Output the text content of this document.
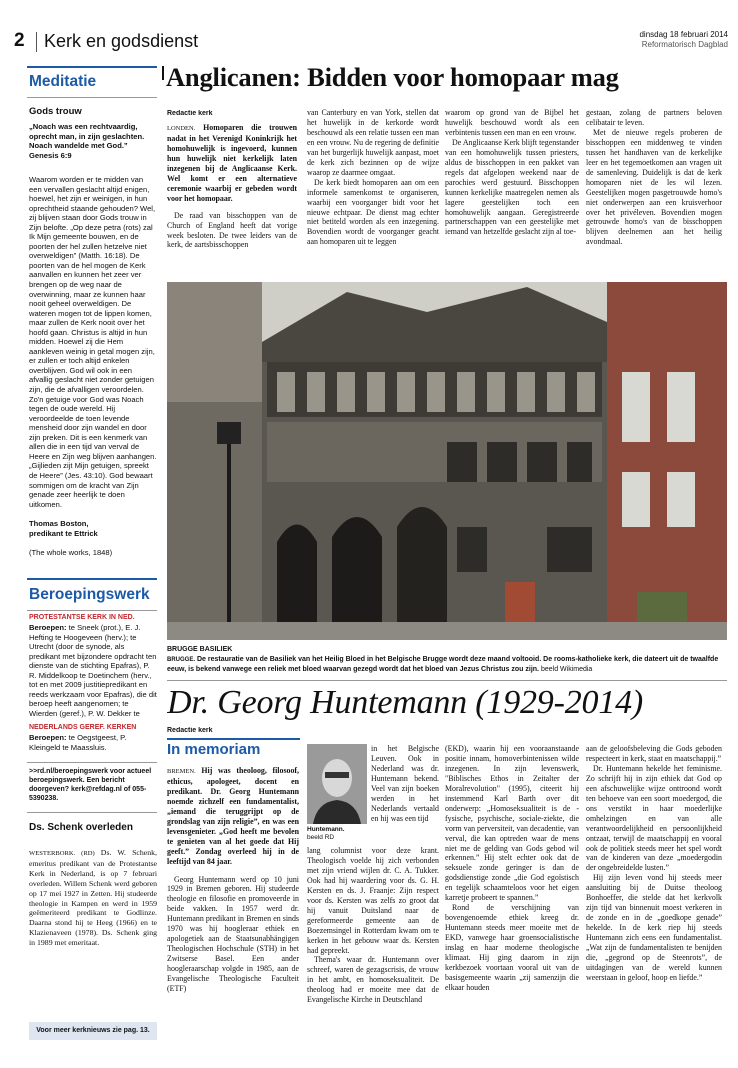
2 Kerk en godsdienst	dinsdag 18 februari 2014
Reformatorisch Dagblad
Meditatie
Gods trouw
„Noach was een rechtvaardig, oprecht man, in zijn geslachten. Noach wandelde met God.”
Genesis 6:9
Waarom worden er te midden van een vervallen geslacht altijd enigen, hoewel, het zijn er weinigen, in hun oprechtheid staande gehouden? Wel, zij blijven staan door Gods trouw in Zijn belofte. „Op deze petra (rots) zal Ik Mijn gemeente bouwen, en de poorten der hel zullen hetzelve niet overweldigen” (Matth. 16:18). De poorten van de hel mogen de Kerk aanvallen en kunnen het zeer ver brengen op de weg naar de overwinning, maar ze kunnen haar nooit geheel overweldigen. De wateren mogen tot de lippen komen, maar zullen de Kerk nooit over het hoofd gaan. Christus is altijd in hun midden. Hoewel zij die Hem aankleven weinig in getal mogen zijn, er zullen er toch altijd enkelen overblijven. God wil ook in een afvallig geslacht niet zonder getuigen zijn, die de afvalligen veroordelen. Zo'n getuige voor God was Noach tegen de oude wereld. Hij veroordeelde de toen levende mensheid door zijn wandel en door zijn preken. Dit is een kenmerk van allen die in een tijd van verval de Heere en Zijn weg blijven aanhangen. „Gijlieden zijt Mijn getuigen, spreekt de Heere” (Jes. 43:10). God bewaart sommigen om de kracht van Zijn genade zeer heerlijk te doen uitkomen.
Thomas Boston,
predikant te Ettrick
(The whole works, 1848)
Beroepingswerk
PROTESTANTSE KERK IN NED.
Beroepen: te Sneek (prot.), E. J. Hefting te Hoogeveen (herv.); te Utrecht (door de synode, als predikant met bijzondere opdracht ten dienste van de stichting Epafras), P. R. Middelkoop te Doetinchem (herv., tot en met 2009 justitiepredikant en reeds werkzaam voor Epafras), die dit beroep heeft aangenomen; te Wierden (geref.), P. W. Dekker te
NEDERLANDS GEREF. KERKEN
Beroepen: te Oegstgeest, P. Kleingeld te Maassluis.
>>rd.nl/beroepingswerk voor actueel beroepingswerk. Een bericht doorgeven? kerk@refdag.nl of 055-5390238.
Ds. Schenk overleden
WESTERBORK. (RD) Ds. W. Schenk, emeritus predikant van de Protestantse Kerk in Nederland, is op 7 februari overleden. Willem Schenk werd geboren op 17 mei 1927 in Zetten. Hij studeerde theologie in Kampen en werd in 1959 geëmeriteerd predikant te Godlinze. Daarna stond hij te Heeg (1966) en te Klazienaveen (1978). Ds. Schenk ging in 1989 met emeritaat.
Voor meer kerknieuws zie pag. 13.
Anglicanen: Bidden voor homopaar mag
Redactie kerk

LONDEN. Homoparen die trouwen nadat in het Verenigd Koninkrijk het homohuwelijk is ingevoerd, kunnen hun huwelijk niet kerkelijk laten inzegenen bij de Anglicaanse Kerk. Wel komt er een alternatieve ceremonie waarbij er gebeden wordt voor het homopaar.

De raad van bisschoppen van de Church of England heeft dat vorige week besloten. De twee leiders van de kerk, de aartsbisschoppen

van Canterbury en van York, stellen dat het huwelijk in de kerkorde wordt beschouwd als een relatie tussen een man en een vrouw. Nu de regering de definitie van het burgerlijk huwelijk aanpast, moet de kerk zich bezinnen op de wijze waarop ze daarmee omgaat.

De kerk biedt homoparen aan om een informele samenkomst te organiseren, waarbij een voorganger bidt voor het nieuwe echtpaar. De dienst mag echter niet betiteld worden als een inzegening. Bovendien wordt de voorganger geacht aan homoparen uit te leggen

waarom op grond van de Bijbel het huwelijk beschouwd wordt als een verbintenis tussen een man en een vrouw.

De Anglicaanse Kerk blijft tegenstander van een homohuwelijk tussen priesters, aldus de bisschoppen in een pakket van regels dat afgelopen weekend naar de parochies werd gestuurd. Bisschoppen kunnen kerkelijke maatregelen nemen als lagere geestelijken toch een homohuwelijk aangaan. Geregistreerde partnerschappen van een geestelijke met iemand van hetzelfde geslacht zijn al toe-

gestaan, zolang de partners beloven celibatair te leven.

Met de nieuwe regels proberen de bisschoppen een middenweg te vinden tussen het handhaven van de kerkelijke leer en het tegemoetkomen aan vragen uit de samenleving. Duidelijk is dat de kerk homoparen niet de les wil lezen. Geestelijken mogen pasgetrouwde homo's niet onderwerpen aan een kruisverhoor over het privéleven. Bovendien mogen getrouwde homo's van de bisschoppen blijven deelnemen aan het heilig avondmaal.

BRUGGE BASILIEK
BRUGGE. De restauratie van de Basiliek van het Heilig Bloed in het Belgische Brugge wordt deze maand voltooid. De rooms-katholieke kerk, die dateert uit de twaalfde eeuw, is bekend vanwege een reliek met bloed waarvan gezegd wordt dat het bloed van Jezus Christus zou zijn. beeld Wikimedia
Dr. Georg Huntemann (1929-2014)
Redactie kerk
In memoriam

BREMEN. Hij was theoloog, filosoof, ethicus, apologeet, docent en predikant. Dr. Georg Huntemann noemde zichzelf een fundamentalist, „iemand die teruggrijpt op de grondslag van zijn religie”, en was een levensgenieter. „God heeft me bevolen te genieten van al het goede dat Hij geeft.” Zondag overleed hij in de leeftijd van 84 jaar.

Georg Huntemann werd op 10 juni 1929 in Bremen geboren. Hij studeerde theologie en filosofie en promoveerde in beide vakken. In 1957 werd dr. Huntemann predikant in Bremen en sinds 1970 was hij hoogleraar ethiek en apologetiek aan de Staatsunabhängigen Theologischen Hochschule (STH) in het Zwitserse Basel. Een ander hoogleraarschap volgde in 1985, aan de Evangelische Theologische Faculteit (ETF)

Huntemann.
beeld RD
in het Belgische Leuven. Ook in Nederland was dr. Huntemann bekend. Veel van zijn boeken werden in het Nederlands vertaald en hij was een tijd

lang columnist voor deze krant. Theologisch voelde hij zich verbonden met zijn vriend wijlen dr. C. A. Tukker. Ook had hij waardering voor ds. G. H. Kersten en ds. J. Fraanje: Zijn respect voor ds. Kersten was zelfs zo groot dat hij vanuit Duitsland naar de gereformeerde gemeente aan de Boezemsingel in Rotterdam kwam om te kerken in het gebouw waar ds. Kersten had gepreekt.

Thema's waar dr. Huntemann over schreef, waren de gezagscrisis, de vrouw in het ambt, en homoseksualiteit. De theoloog had er moeite mee dat de Evangelische Kirche in Deutschland

(EKD), waarin hij een vooraanstaande positie innam, homoverbintenissen wilde inzegenen. In zijn levenswerk, "Biblisches Ethos in Zeitalter der Moralrevolution" (1995), citeerit hij instemmend Karl Barth over dit onderwerp: „Homoseksualiteit is de -fysische, psychische, sociale-ziekte, die vorm van perversiteit, van decadentie, van verval, die kan optreden waar de mens niet me de gelding van Gods gebod wil erkennen.” Hij stelt echter ook dat de seksuele zonde geringer is dan de godsdienstige zonde „die God egoïstisch en tegelijk schaamteloos voor het eigen karretje probeert te spannen.”

Rond de verschijning van bovengenoemde ethiek kreeg dr. Huntemann steeds meer moeite met de EKD, vanwege haar groensocialistische inslag en haar moderne theologische klimaat. Hij ging daarom in zijn kerkbezoek voortaan vooral uit van de basisgemeente waarin „zij samenzijn die elkaar houden

aan de geloofsbeleving die Gods geboden respecteert in kerk, staat en maatschappij.”

Dr. Huntemann hekelde het feminisme. Zo schrijft hij in zijn ethiek dat God op een afschuwelijke wijze onttroond wordt ten behoeve van een soort moedergod, die ons verstikt in haar moederlijke omhelzingen en van alle verantwoordelijkheid en persoonlijkheid ontzaat, terwijl de maatschappij en vooral ook de politiek steeds meer het spel wordt van de kinderen van deze „moedergodin der ongebreidelde lusten.”

Hij zijn leven vond hij steeds meer aansluiting bij de Duitse theoloog Bonhoeffer, die stelde dat het kerkvolk zijn tijd van binnenuit moest verkeren in de zonde en in de „goedkope genade” hekelde. In de kerk riep hij steeds Huntemann zich eens een fundamentalist. „Wat zijn de fundamentalisten te benijden die, „gegrond op de Steenrots”, de uitdagingen van de wereld kunnen weerstaan in geloof, hoop en liefde.”
